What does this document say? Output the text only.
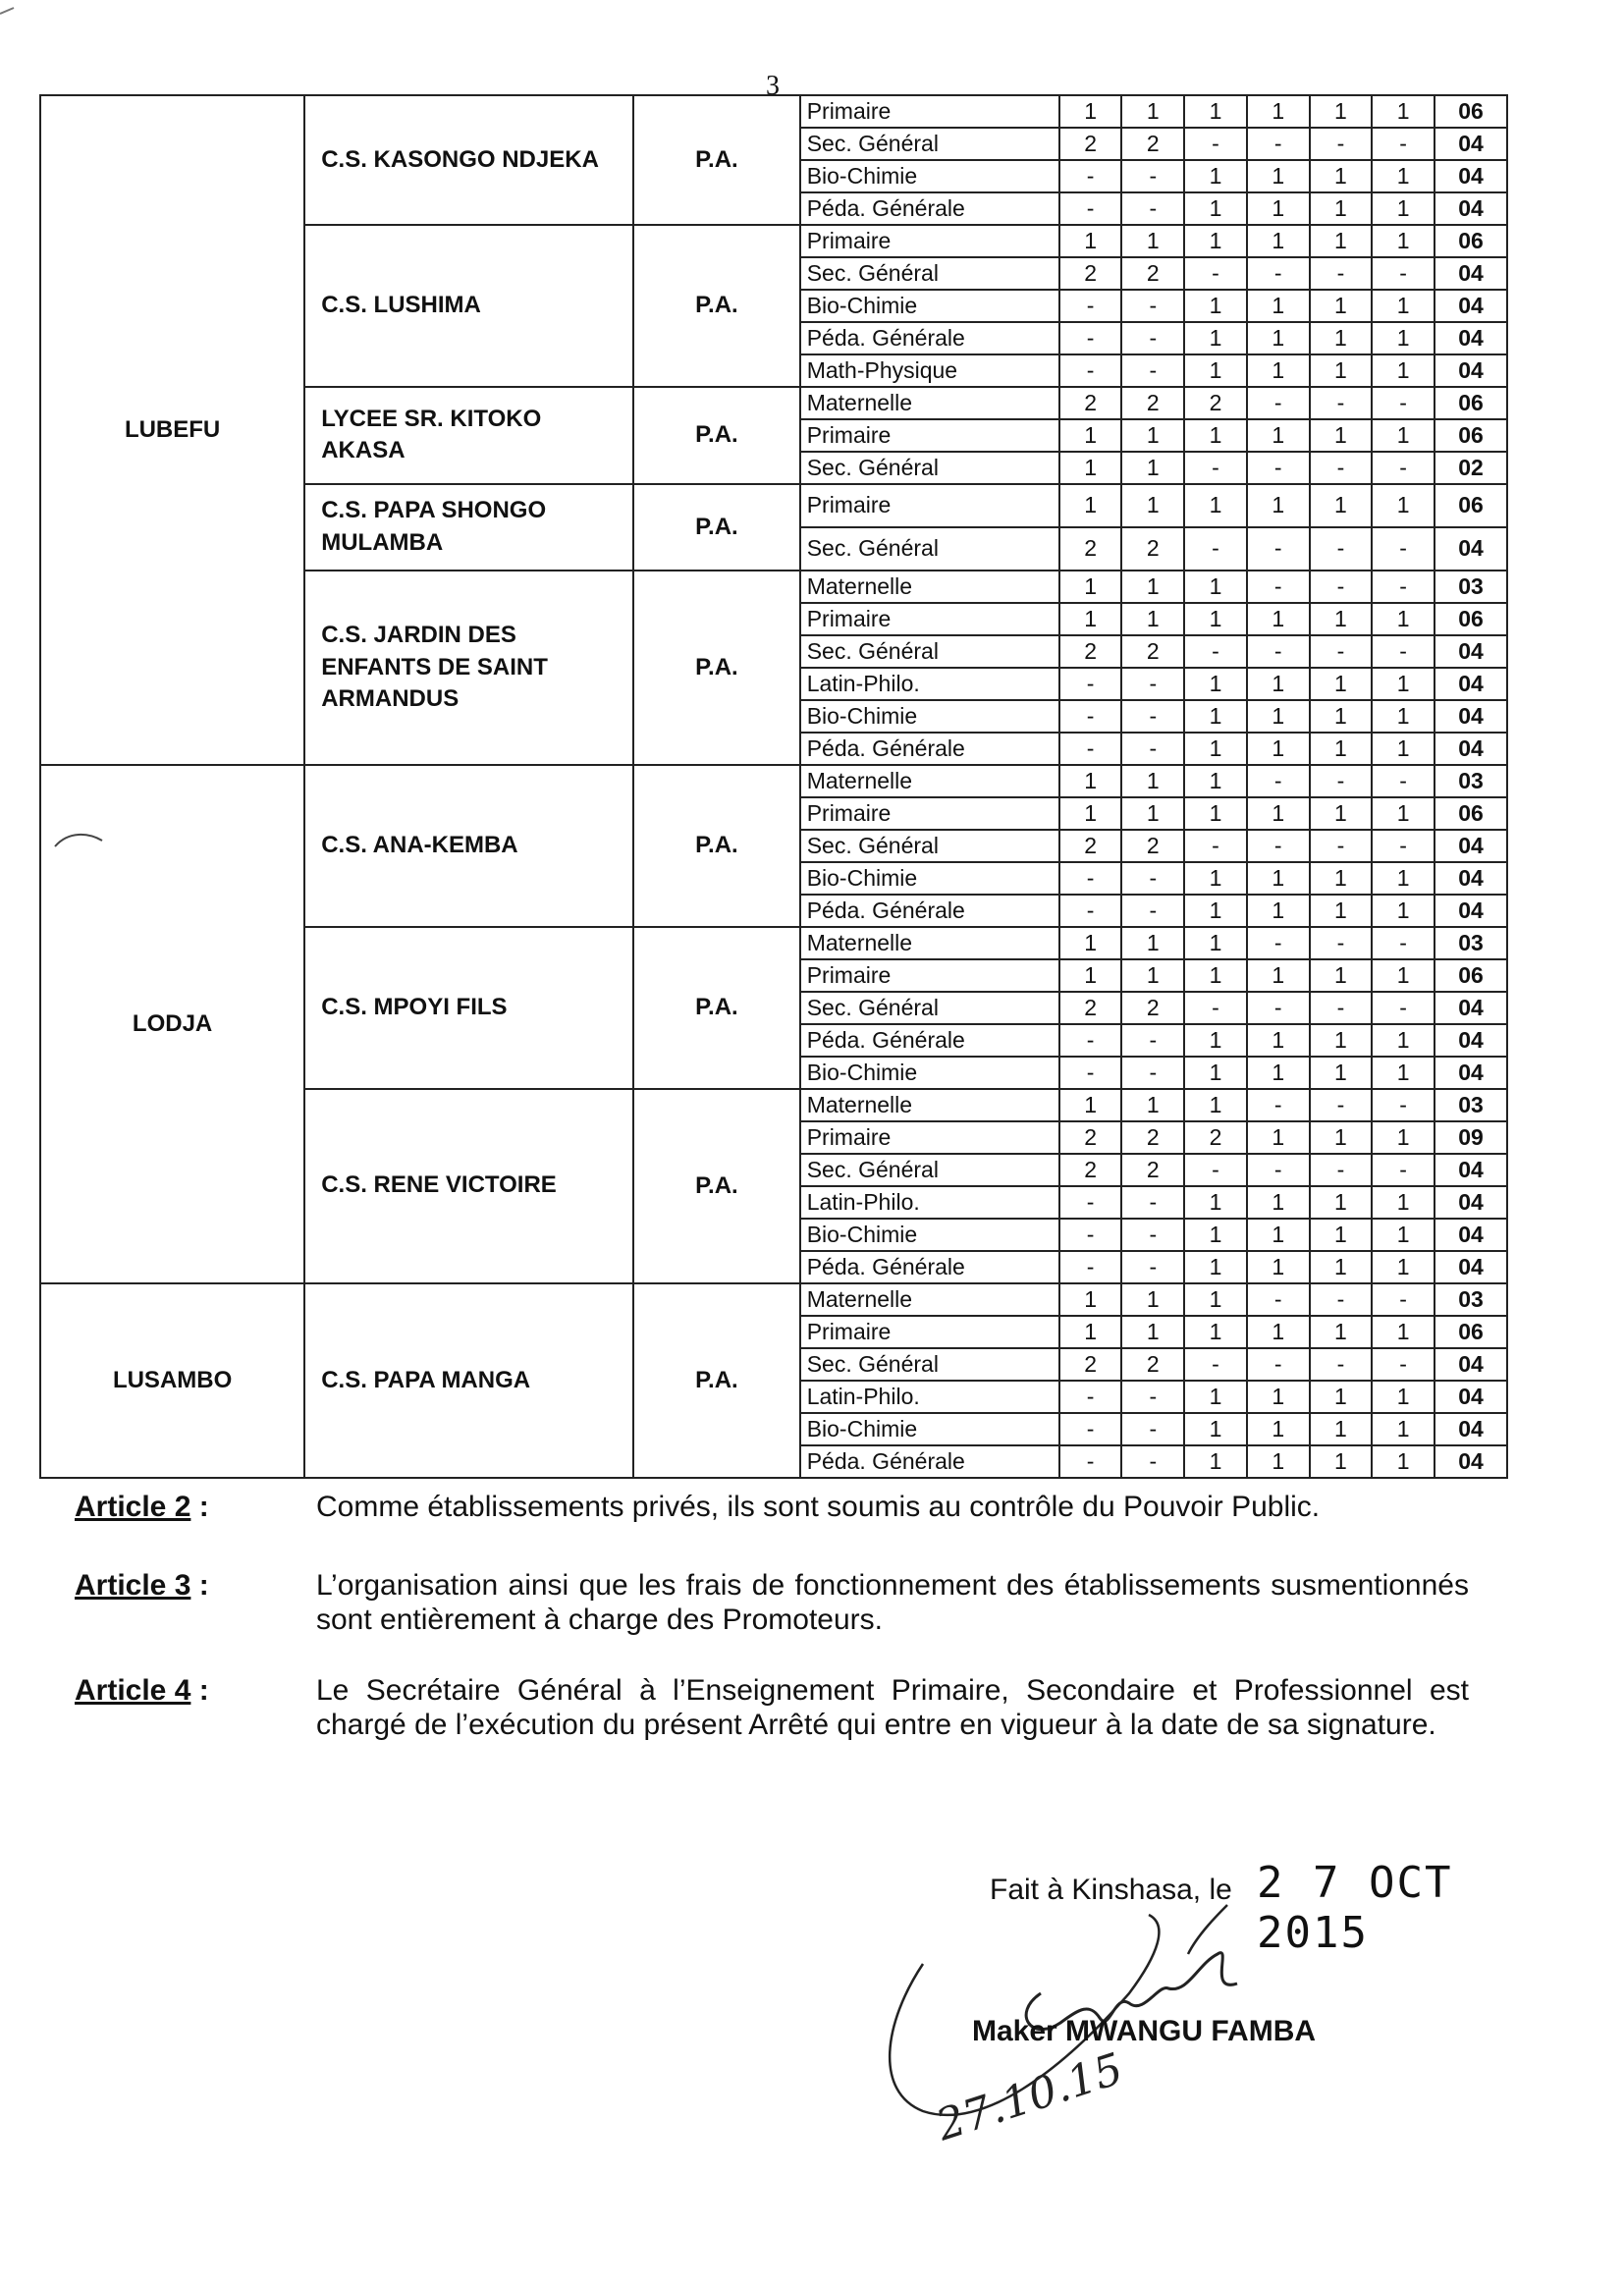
3
LUBEFU	C.S. KASONGO NDJEKA	P.A.	Primaire	1	1	1	1	1	1	06
			Sec. Général	2	2	-	-	-	-	04
			Bio-Chimie	-	-	1	1	1	1	04
			Péda. Générale	-	-	1	1	1	1	04
	C.S. LUSHIMA	P.A.	Primaire	1	1	1	1	1	1	06
			Sec. Général	2	2	-	-	-	-	04
			Bio-Chimie	-	-	1	1	1	1	04
			Péda. Générale	-	-	1	1	1	1	04
			Math-Physique	-	-	1	1	1	1	04
	LYCEE SR. KITOKO AKASA	P.A.	Maternelle	2	2	2	-	-	-	06
			Primaire	1	1	1	1	1	1	06
			Sec. Général	1	1	-	-	-	-	02
	C.S. PAPA SHONGO MULAMBA	P.A.	Primaire	1	1	1	1	1	1	06
			Sec. Général	2	2	-	-	-	-	04
	C.S. JARDIN DES ENFANTS DE SAINT ARMANDUS	P.A.	Maternelle	1	1	1	-	-	-	03
			Primaire	1	1	1	1	1	1	06
			Sec. Général	2	2	-	-	-	-	04
			Latin-Philo.	-	-	1	1	1	1	04
			Bio-Chimie	-	-	1	1	1	1	04
			Péda. Générale	-	-	1	1	1	1	04
LODJA	C.S. ANA-KEMBA	P.A.	Maternelle	1	1	1	-	-	-	03
			Primaire	1	1	1	1	1	1	06
			Sec. Général	2	2	-	-	-	-	04
			Bio-Chimie	-	-	1	1	1	1	04
			Péda. Générale	-	-	1	1	1	1	04
	C.S. MPOYI FILS	P.A.	Maternelle	1	1	1	-	-	-	03
			Primaire	1	1	1	1	1	1	06
			Sec. Général	2	2	-	-	-	-	04
			Péda. Générale	-	-	1	1	1	1	04
			Bio-Chimie	-	-	1	1	1	1	04
	C.S. RENE VICTOIRE	P.A.	Maternelle	1	1	1	-	-	-	03
			Primaire	2	2	2	1	1	1	09
			Sec. Général	2	2	-	-	-	-	04
			Latin-Philo.	-	-	1	1	1	1	04
			Bio-Chimie	-	-	1	1	1	1	04
			Péda. Générale	-	-	1	1	1	1	04
LUSAMBO	C.S. PAPA MANGA	P.A.	Maternelle	1	1	1	-	-	-	03
			Primaire	1	1	1	1	1	1	06
			Sec. Général	2	2	-	-	-	-	04
			Latin-Philo.	-	-	1	1	1	1	04
			Bio-Chimie	-	-	1	1	1	1	04
			Péda. Générale	-	-	1	1	1	1	04
Article 2 :	Comme établissements privés, ils sont soumis au contrôle du Pouvoir Public.
Article 3 :	L’organisation ainsi que les frais de fonctionnement des établissements susmentionnés sont entièrement à charge des Promoteurs.
Article 4 :	Le Secrétaire Général à l’Enseignement Primaire, Secondaire et Professionnel est chargé de l’exécution du présent Arrêté qui entre en vigueur à la date de sa signature.
27.10.15
Fait à Kinshasa, le 2 7 OCT 2015
Maker MWANGU FAMBA
